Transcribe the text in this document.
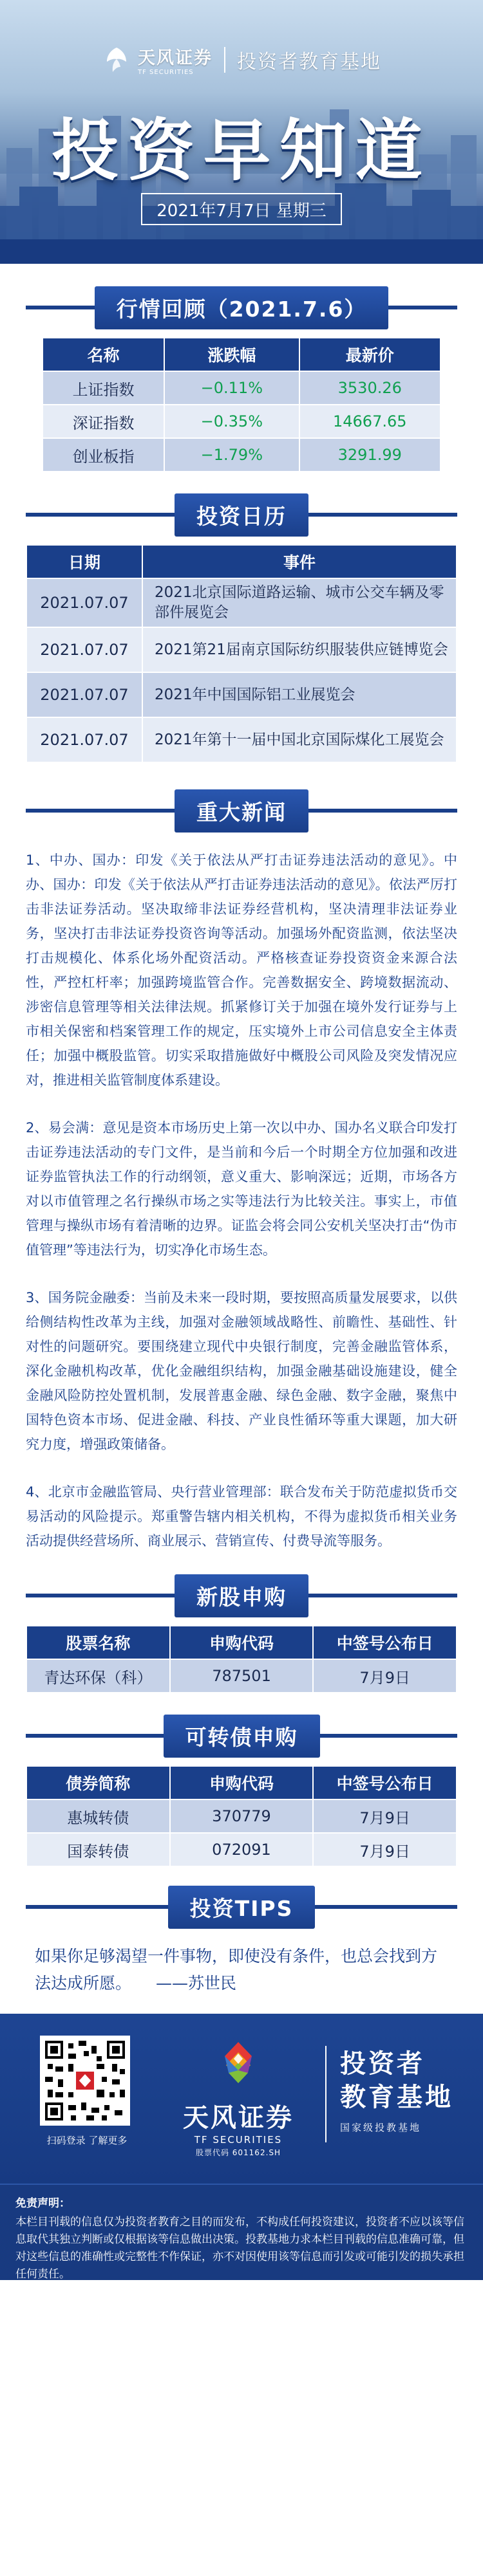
天风证券
TF SECURITIES	投资者教育基地
投资早知道
2021年7月7日 星期三
行情回顾（2021.7.6）
名称	涨跌幅	最新价
上证指数	−0.11%	3530.26
深证指数	−0.35%	14667.65
创业板指	−1.79%	3291.99
投资日历
日期	事件
2021.07.07	2021北京国际道路运输、城市公交车辆及零部件展览会
2021.07.07	2021第21届南京国际纺织服装供应链博览会
2021.07.07	2021年中国国际铝工业展览会
2021.07.07	2021年第十一届中国北京国际煤化工展览会
重大新闻

1、中办、国办：印发《关于依法从严打击证券违法活动的意见》。中办、国办：印发《关于依法从严打击证券违法活动的意见》。依法严厉打击非法证券活动。坚决取缔非法证券经营机构，坚决清理非法证券业务，坚决打击非法证券投资咨询等活动。加强场外配资监测，依法坚决打击规模化、体系化场外配资活动。严格核查证券投资资金来源合法性，严控杠杆率；加强跨境监管合作。完善数据安全、跨境数据流动、涉密信息管理等相关法律法规。抓紧修订关于加强在境外发行证券与上市相关保密和档案管理工作的规定，压实境外上市公司信息安全主体责任；加强中概股监管。切实采取措施做好中概股公司风险及突发情况应对，推进相关监管制度体系建设。

2、易会满：意见是资本市场历史上第一次以中办、国办名义联合印发打击证券违法活动的专门文件，是当前和今后一个时期全方位加强和改进证券监管执法工作的行动纲领，意义重大、影响深远；近期，市场各方对以市值管理之名行操纵市场之实等违法行为比较关注。事实上，市值管理与操纵市场有着清晰的边界。证监会将会同公安机关坚决打击“伪市值管理”等违法行为，切实净化市场生态。

3、国务院金融委：当前及未来一段时期，要按照高质量发展要求，以供给侧结构性改革为主线，加强对金融领域战略性、前瞻性、基础性、针对性的问题研究。要围绕建立现代中央银行制度，完善金融监管体系，深化金融机构改革，优化金融组织结构，加强金融基础设施建设，健全金融风险防控处置机制，发展普惠金融、绿色金融、数字金融，聚焦中国特色资本市场、促进金融、科技、产业良性循环等重大课题，加大研究力度，增强政策储备。

4、北京市金融监管局、央行营业管理部：联合发布关于防范虚拟货币交易活动的风险提示。郑重警告辖内相关机构，不得为虚拟货币相关业务活动提供经营场所、商业展示、营销宣传、付费导流等服务。

新股申购
股票名称	申购代码	中签号公布日
青达环保（科）	787501	7月9日
可转债申购
债券简称	申购代码	中签号公布日
惠城转债	370779	7月9日
国泰转债	072091	7月9日
投资TIPS
如果你足够渴望一件事物，即使没有条件，也总会找到方法达成所愿。 ——苏世民
扫码登录 了解更多
天风证券
TF SECURITIES
股票代码 601162.SH
投资者
教育基地
国家级投教基地
免责声明：
本栏目刊载的信息仅为投资者教育之目的而发布，不构成任何投资建议，投资者不应以该等信息取代其独立判断或仅根据该等信息做出决策。投教基地力求本栏目刊载的信息准确可靠，但对这些信息的准确性或完整性不作保证，亦不对因使用该等信息而引发或可能引发的损失承担任何责任。
